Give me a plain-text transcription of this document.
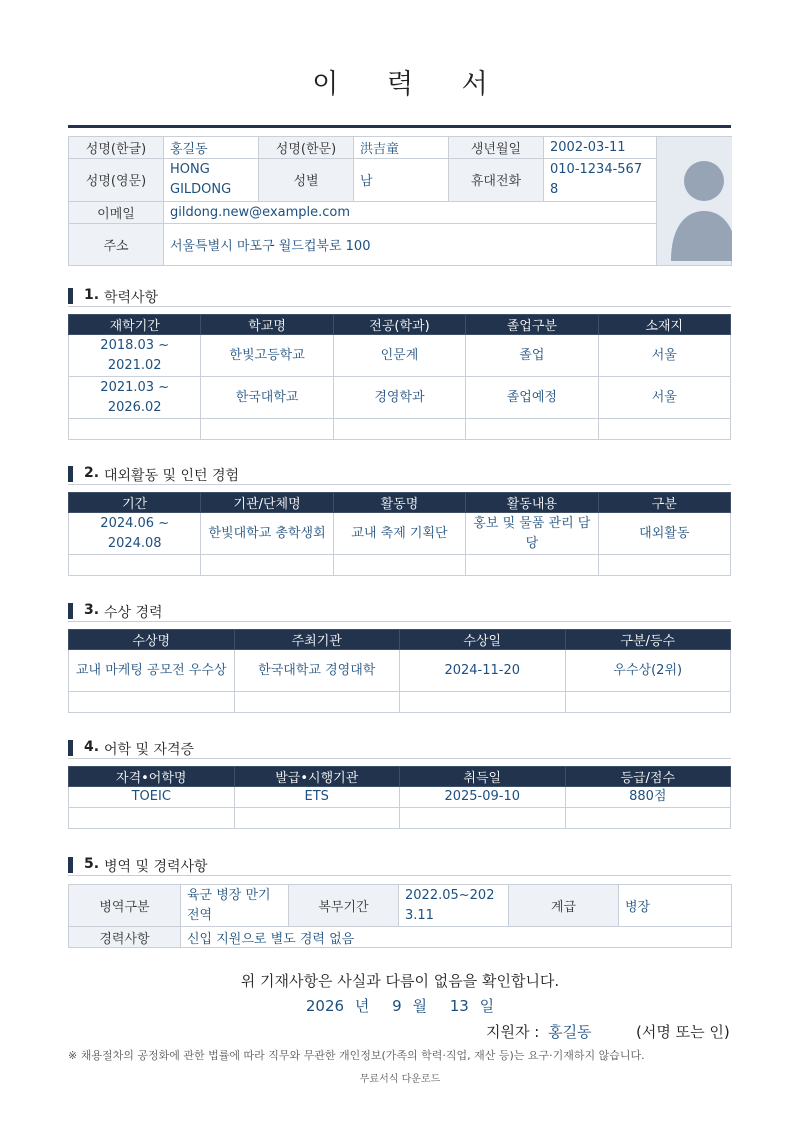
이 력 서
성명(한글)	홍길동	성명(한문)	洪吉童	생년월일	2002-03-11	
성명(영문)	HONG GILDONG	성별	남	휴대전화	010-1234-5678	
이메일	gildong.new@example.com					
주소	서울특별시 마포구 월드컵북로 100					
1. 학력사항
재학기간	학교명	전공(학과)	졸업구분	소재지
2018.03 ~ 2021.02	한빛고등학교	인문계	졸업	서울
2021.03 ~ 2026.02	한국대학교	경영학과	졸업예정	서울

2. 대외활동 및 인턴 경험
기간	기관/단체명	활동명	활동내용	구분
2024.06 ~ 2024.08	한빛대학교 총학생회	교내 축제 기획단	홍보 및 물품 관리 담당	대외활동

3. 수상 경력
수상명	주최기관	수상일	구분/등수
교내 마케팅 공모전 우수상	한국대학교 경영대학	2024-11-20	우수상(2위)

4. 어학 및 자격증
자격•어학명	발급•시행기관	취득일	등급/점수
TOEIC	ETS	2025-09-10	880점

5. 병역 및 경력사항
병역구분	육군 병장 만기 전역	복무기간	2022.05~2023.11	계급	병장
경력사항	신입 지원으로 별도 경력 없음				
위 기재사항은 사실과 다름이 없음을 확인합니다.
2026 년 9 월 13 일
지원자 : 홍길동	(서명 또는 인)
※ 채용절차의 공정화에 관한 법률에 따라 직무와 무관한 개인정보(가족의 학력·직업, 재산 등)는 요구·기재하지 않습니다.
무료서식 다운로드
